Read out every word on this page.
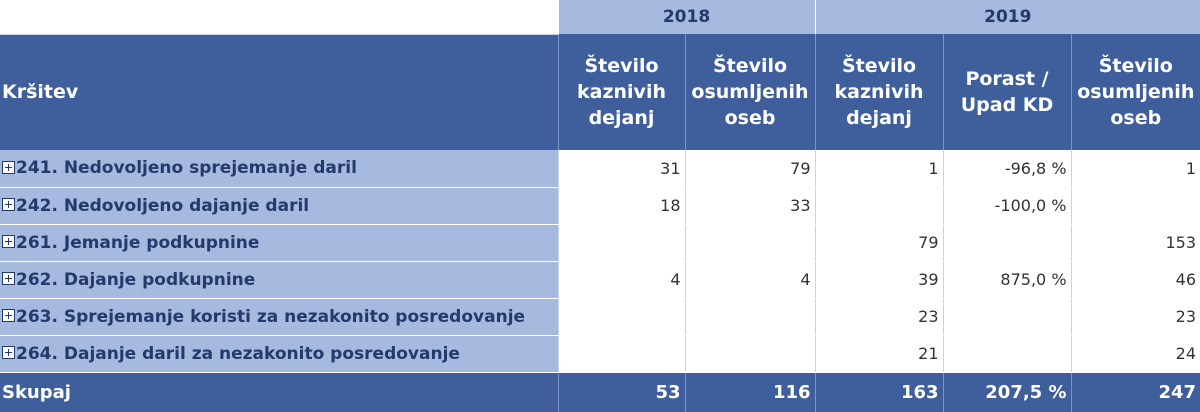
	2018		2019		
Kršitev	Število kaznivih dejanj	Število osumljenih oseb	Število kaznivih dejanj	Porast / Upad KD	Število osumljenih oseb
241. Nedovoljeno sprejemanje daril	31	79	1	-96,8 %	1
242. Nedovoljeno dajanje daril	18	33		-100,0 %	
261. Jemanje podkupnine			79		153
262. Dajanje podkupnine	4	4	39	875,0 %	46
263. Sprejemanje koristi za nezakonito posredovanje			23		23
264. Dajanje daril za nezakonito posredovanje			21		24
Skupaj	53	116	163	207,5 %	247
